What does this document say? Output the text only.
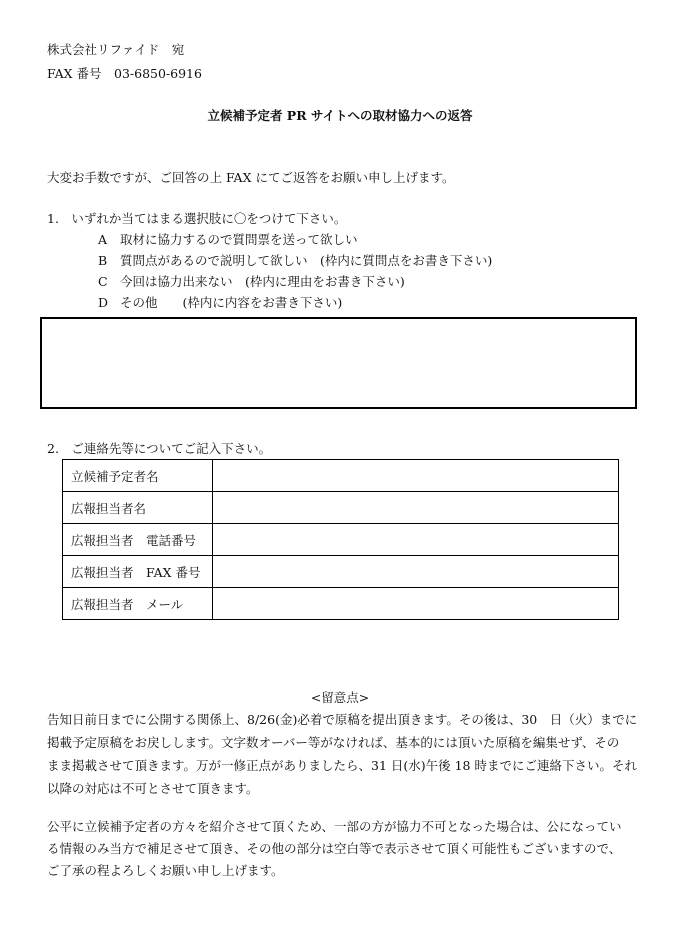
株式会社リファイド　宛
FAX 番号　03-6850-6916
立候補予定者 PR サイトへの取材協力への返答
大変お手数ですが、ご回答の上 FAX にてご返答をお願い申し上げます。
1.　いずれか当てはまる選択肢に〇をつけて下さい。
A 取材に協力するので質問票を送って欲しい
B 質問点があるので説明して欲しい　(枠内に質問点をお書き下さい)
C 今回は協力出来ない　(枠内に理由をお書き下さい)
D その他　　(枠内に内容をお書き下さい)
2.　ご連絡先等についてご記入下さい。
立候補予定者名	
広報担当者名	
広報担当者　電話番号	
広報担当者　FAX 番号	
広報担当者　メール	
<留意点>
告知日前日までに公開する関係上、8/26(金)必着で原稿を提出頂きます。その後は、30　日（火）までに
掲載予定原稿をお戻しします。文字数オーバー等がなければ、基本的には頂いた原稿を編集せず、その
まま掲載させて頂きます。万が一修正点がありましたら、31 日(水)午後 18 時までにご連絡下さい。それ
以降の対応は不可とさせて頂きます。
公平に立候補予定者の方々を紹介させて頂くため、一部の方が協力不可となった場合は、公になってい
る情報のみ当方で補足させて頂き、その他の部分は空白等で表示させて頂く可能性もございますので、
ご了承の程よろしくお願い申し上げます。
